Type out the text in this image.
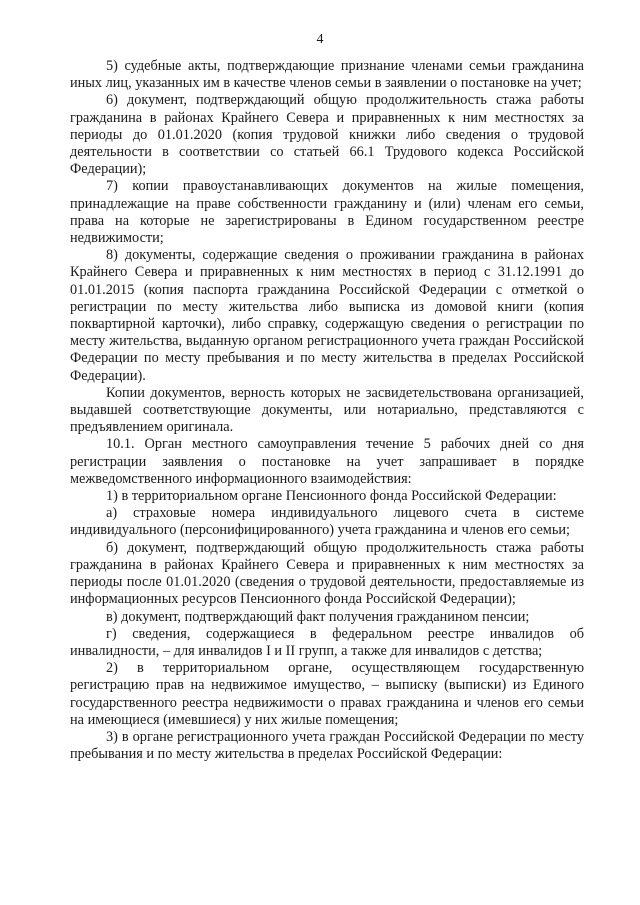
4

5) судебные акты, подтверждающие признание членами семьи гражданина иных лиц, указанных им в качестве членов семьи в заявлении о постановке на учет;

6) документ, подтверждающий общую продолжительность стажа работы гражданина в районах Крайнего Севера и приравненных к ним местностях за периоды до 01.01.2020 (копия трудовой книжки либо сведения о трудовой деятельности в соответствии со статьей 66.1 Трудового кодекса Российской Федерации);

7) копии правоустанавливающих документов на жилые помещения, принадлежащие на праве собственности гражданину и (или) членам его семьи, права на которые не зарегистрированы в Едином государственном реестре недвижимости;

8) документы, содержащие сведения о проживании гражданина в районах Крайнего Севера и приравненных к ним местностях в период с 31.12.1991 до 01.01.2015 (копия паспорта гражданина Российской Федерации с отметкой о регистрации по месту жительства либо выписка из домовой книги (копия поквартирной карточки), либо справку, содержащую сведения о регистрации по месту жительства, выданную органом регистрационного учета граждан Российской Федерации по месту пребывания и по месту жительства в пределах Российской Федерации).

Копии документов, верность которых не засвидетельствована организацией, выдавшей соответствующие документы, или нотариально, представляются с предъявлением оригинала.

10.1. Орган местного самоуправления течение 5 рабочих дней со дня регистрации заявления о постановке на учет запрашивает в порядке межведомственного информационного взаимодействия:

1) в территориальном органе Пенсионного фонда Российской Федерации:

а) страховые номера индивидуального лицевого счета в системе индивидуального (персонифицированного) учета гражданина и членов его семьи;

б) документ, подтверждающий общую продолжительность стажа работы гражданина в районах Крайнего Севера и приравненных к ним местностях за периоды после 01.01.2020 (сведения о трудовой деятельности, предоставляемые из информационных ресурсов Пенсионного фонда Российской Федерации);

в) документ, подтверждающий факт получения гражданином пенсии;

г) сведения, содержащиеся в федеральном реестре инвалидов об инвалидности, – для инвалидов I и II групп, а также для инвалидов с детства;

2) в территориальном органе, осуществляющем государственную регистрацию прав на недвижимое имущество, – выписку (выписки) из Единого государственного реестра недвижимости о правах гражданина и членов его семьи на имеющиеся (имевшиеся) у них жилые помещения;

3) в органе регистрационного учета граждан Российской Федерации по месту пребывания и по месту жительства в пределах Российской Федерации:
